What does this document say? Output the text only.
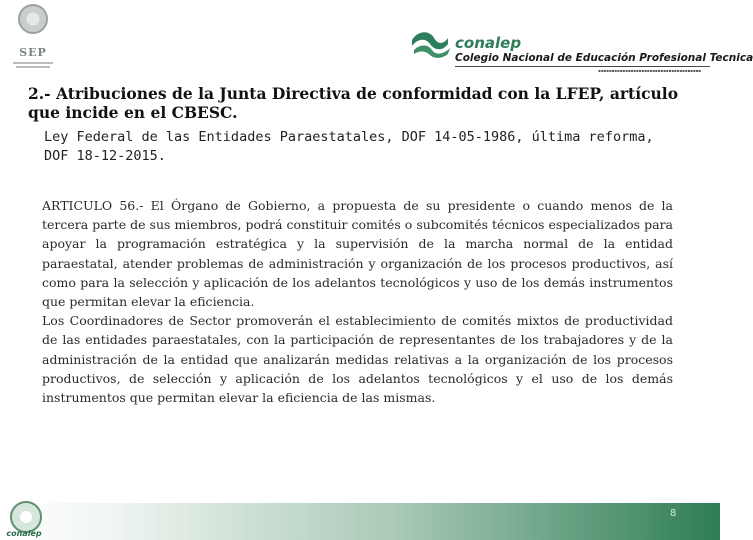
SEP
conalep
Colegio Nacional de Educación Profesional Tecnica
▪▪▪▪▪▪▪▪▪▪▪▪▪▪▪▪▪▪▪▪▪▪▪▪▪▪▪▪▪▪▪▪▪▪▪▪▪▪
2.- Atribuciones de la Junta Directiva de conformidad con la LFEP, artículo que incide en el CBESC.

Ley Federal de las Entidades Paraestatales, DOF 14-05-1986, última reforma, DOF 18-12-2015.

ARTICULO 56.- El Órgano de Gobierno, a propuesta de su presidente o cuando menos de la tercera parte de sus miembros, podrá constituir comités o subcomités técnicos especializados para apoyar la programación estratégica y la supervisión de la marcha normal de la entidad paraestatal, atender problemas de administración y organización de los procesos productivos, así como para la selección y aplicación de los adelantos tecnológicos y uso de los demás instrumentos que permitan elevar la eficiencia.

Los Coordinadores de Sector promoverán el establecimiento de comités mixtos de productividad de las entidades paraestatales, con la participación de representantes de los trabajadores y de la administración de la entidad que analizarán medidas relativas a la organización de los procesos productivos, de selección y aplicación de los adelantos tecnológicos y el uso de los demás instrumentos que permitan elevar la eficiencia de las mismas.

conalep
8
